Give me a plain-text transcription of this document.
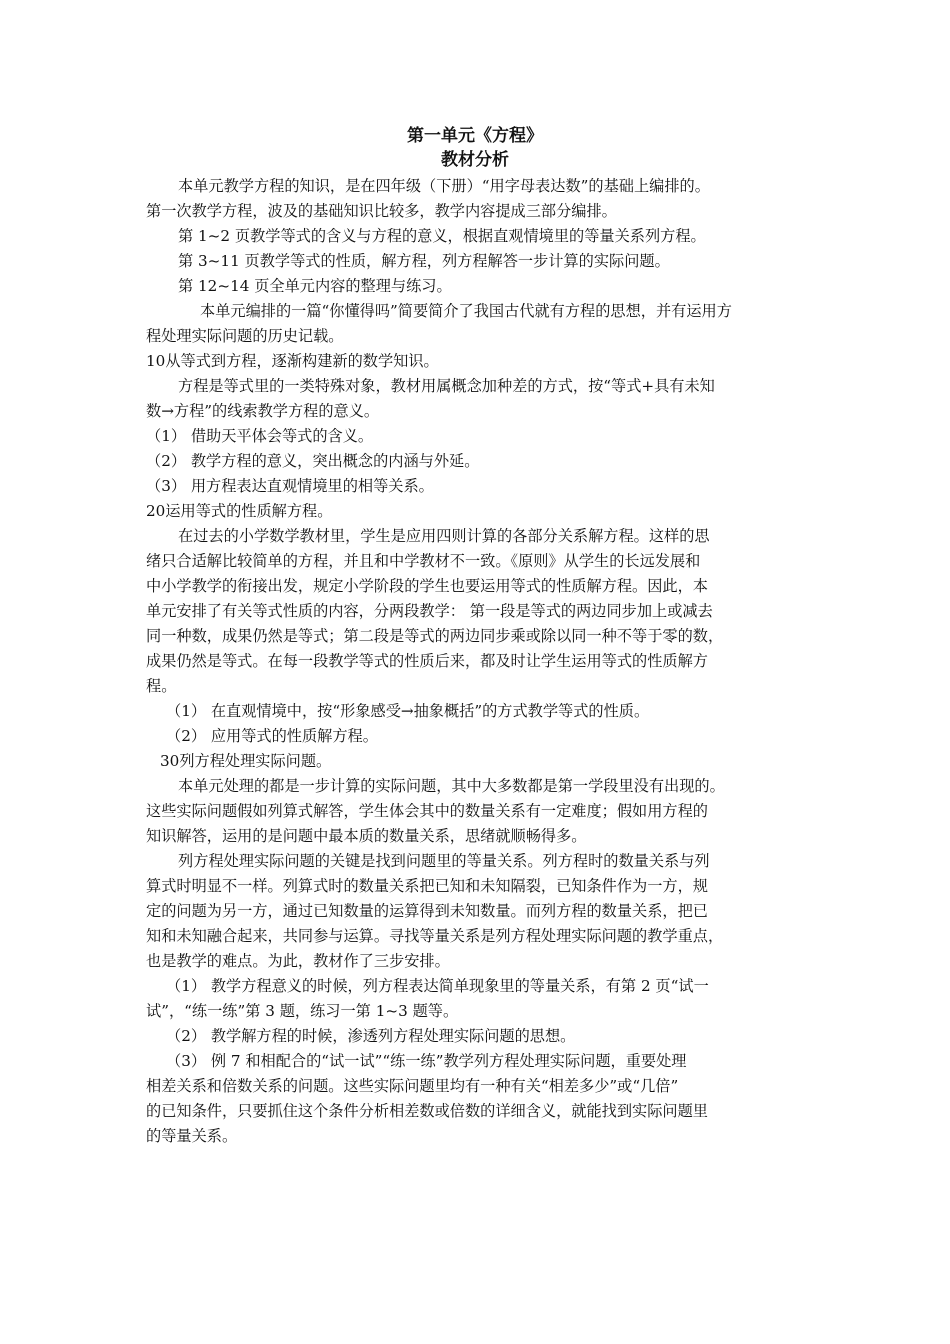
第一单元《方程》
教材分析
本单元教学方程的知识，是在四年级（下册）“用字母表达数”的基础上编排的。
第一次教学方程，波及的基础知识比较多，教学内容提成三部分编排。
第 1~2 页教学等式的含义与方程的意义，根据直观情境里的等量关系列方程。
第 3~11 页教学等式的性质，解方程，列方程解答一步计算的实际问题。
第 12~14 页全单元内容的整理与练习。
本单元编排的一篇“你懂得吗”简要简介了我国古代就有方程的思想，并有运用方
程处理实际问题的历史记载。
10从等式到方程，逐渐构建新的数学知识。
方程是等式里的一类特殊对象，教材用属概念加种差的方式，按“等式+具有未知
数→方程”的线索教学方程的意义。
（1） 借助天平体会等式的含义。
（2） 教学方程的意义，突出概念的内涵与外延。
（3） 用方程表达直观情境里的相等关系。
20运用等式的性质解方程。
在过去的小学数学教材里，学生是应用四则计算的各部分关系解方程。这样的思
绪只合适解比较简单的方程，并且和中学教材不一致。《原则》从学生的长远发展和
中小学教学的衔接出发，规定小学阶段的学生也要运用等式的性质解方程。因此，本
单元安排了有关等式性质的内容，分两段教学： 第一段是等式的两边同步加上或减去
同一种数，成果仍然是等式；第二段是等式的两边同步乘或除以同一种不等于零的数，
成果仍然是等式。在每一段教学等式的性质后来，都及时让学生运用等式的性质解方
程。
（1） 在直观情境中，按“形象感受→抽象概括”的方式教学等式的性质。
（2） 应用等式的性质解方程。
30列方程处理实际问题。
本单元处理的都是一步计算的实际问题，其中大多数都是第一学段里没有出现的。
这些实际问题假如列算式解答，学生体会其中的数量关系有一定难度；假如用方程的
知识解答，运用的是问题中最本质的数量关系，思绪就顺畅得多。
列方程处理实际问题的关键是找到问题里的等量关系。列方程时的数量关系与列
算式时明显不一样。列算式时的数量关系把已知和未知隔裂，已知条件作为一方，规
定的问题为另一方，通过已知数量的运算得到未知数量。而列方程的数量关系，把已
知和未知融合起来，共同参与运算。寻找等量关系是列方程处理实际问题的教学重点，
也是教学的难点。为此，教材作了三步安排。
（1） 教学方程意义的时候，列方程表达简单现象里的等量关系，有第 2 页“试一
试”，“练一练”第 3 题，练习一第 1~3 题等。
（2） 教学解方程的时候，渗透列方程处理实际问题的思想。
（3） 例 7 和相配合的“试一试”“练一练”教学列方程处理实际问题，重要处理
相差关系和倍数关系的问题。这些实际问题里均有一种有关“相差多少”或“几倍”
的已知条件，只要抓住这个条件分析相差数或倍数的详细含义，就能找到实际问题里
的等量关系。
